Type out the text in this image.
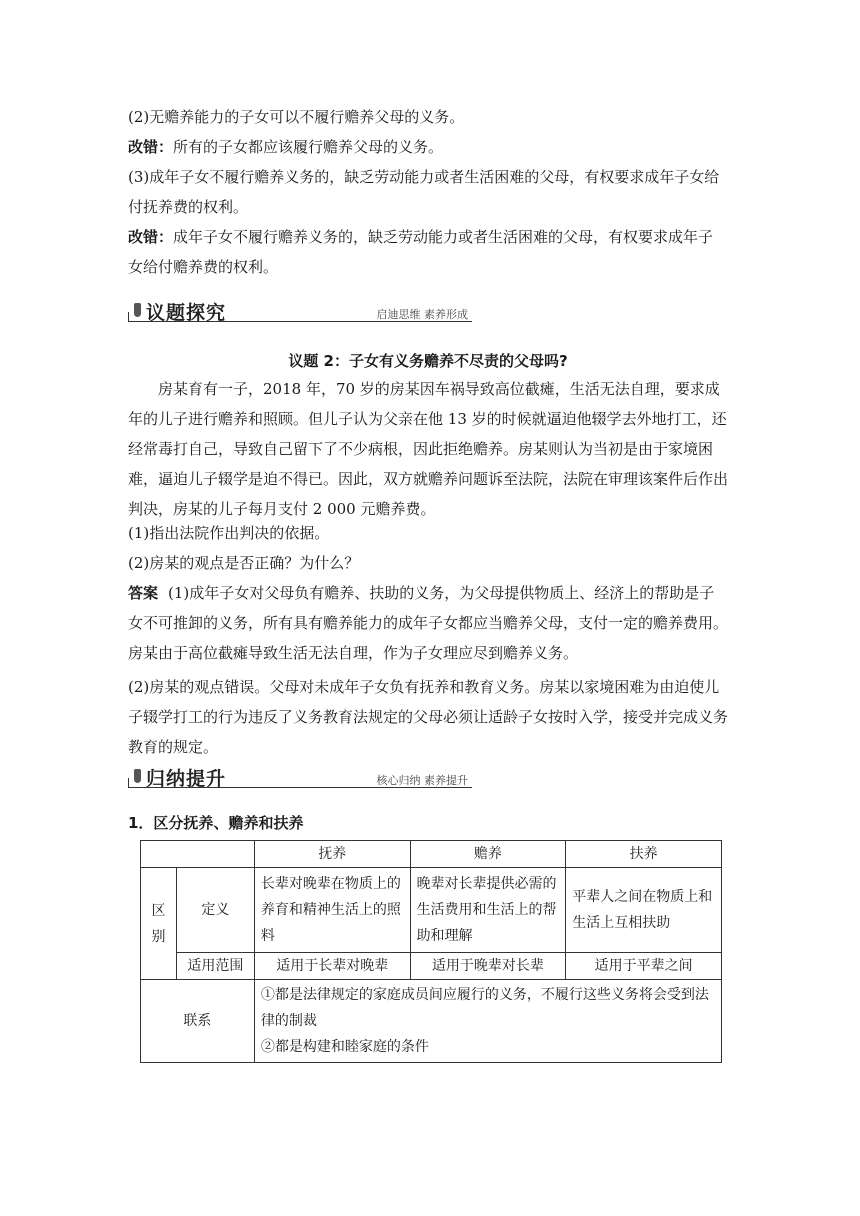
(2)无赡养能力的子女可以不履行赡养父母的义务。

改错：所有的子女都应该履行赡养父母的义务。

(3)成年子女不履行赡养义务的，缺乏劳动能力或者生活困难的父母，有权要求成年子女给付抚养费的权利。

改错：成年子女不履行赡养义务的，缺乏劳动能力或者生活困难的父母，有权要求成年子女给付赡养费的权利。

议题探究	启迪思维 素养形成
议题 2：子女有义务赡养不尽责的父母吗?

房某育有一子，2018 年，70 岁的房某因车祸导致高位截瘫，生活无法自理，要求成年的儿子进行赡养和照顾。但儿子认为父亲在他 13 岁的时候就逼迫他辍学去外地打工，还经常毒打自己，导致自己留下了不少病根，因此拒绝赡养。房某则认为当初是由于家境困难，逼迫儿子辍学是迫不得已。因此，双方就赡养问题诉至法院，法院在审理该案件后作出判决，房某的儿子每月支付 2 000 元赡养费。

(1)指出法院作出判决的依据。

(2)房某的观点是否正确？为什么？

答案 (1)成年子女对父母负有赡养、扶助的义务，为父母提供物质上、经济上的帮助是子女不可推卸的义务，所有具有赡养能力的成年子女都应当赡养父母，支付一定的赡养费用。房某由于高位截瘫导致生活无法自理，作为子女理应尽到赡养义务。

(2)房某的观点错误。父母对未成年子女负有抚养和教育义务。房某以家境困难为由迫使儿子辍学打工的行为违反了义务教育法规定的父母必须让适龄子女按时入学，接受并完成义务教育的规定。

归纳提升	核心归纳 素养提升

1．区分抚养、赡养和扶养

		抚养	赡养	扶养
区别	定义	长辈对晚辈在物质上的养育和精神生活上的照料	晚辈对长辈提供必需的生活费用和生活上的帮助和理解	平辈人之间在物质上和生活上互相扶助
	适用范围	适用于长辈对晚辈	适用于晚辈对长辈	适用于平辈之间
联系		①都是法律规定的家庭成员间应履行的义务，不履行这些义务将会受到法律的制裁
②都是构建和睦家庭的条件		
